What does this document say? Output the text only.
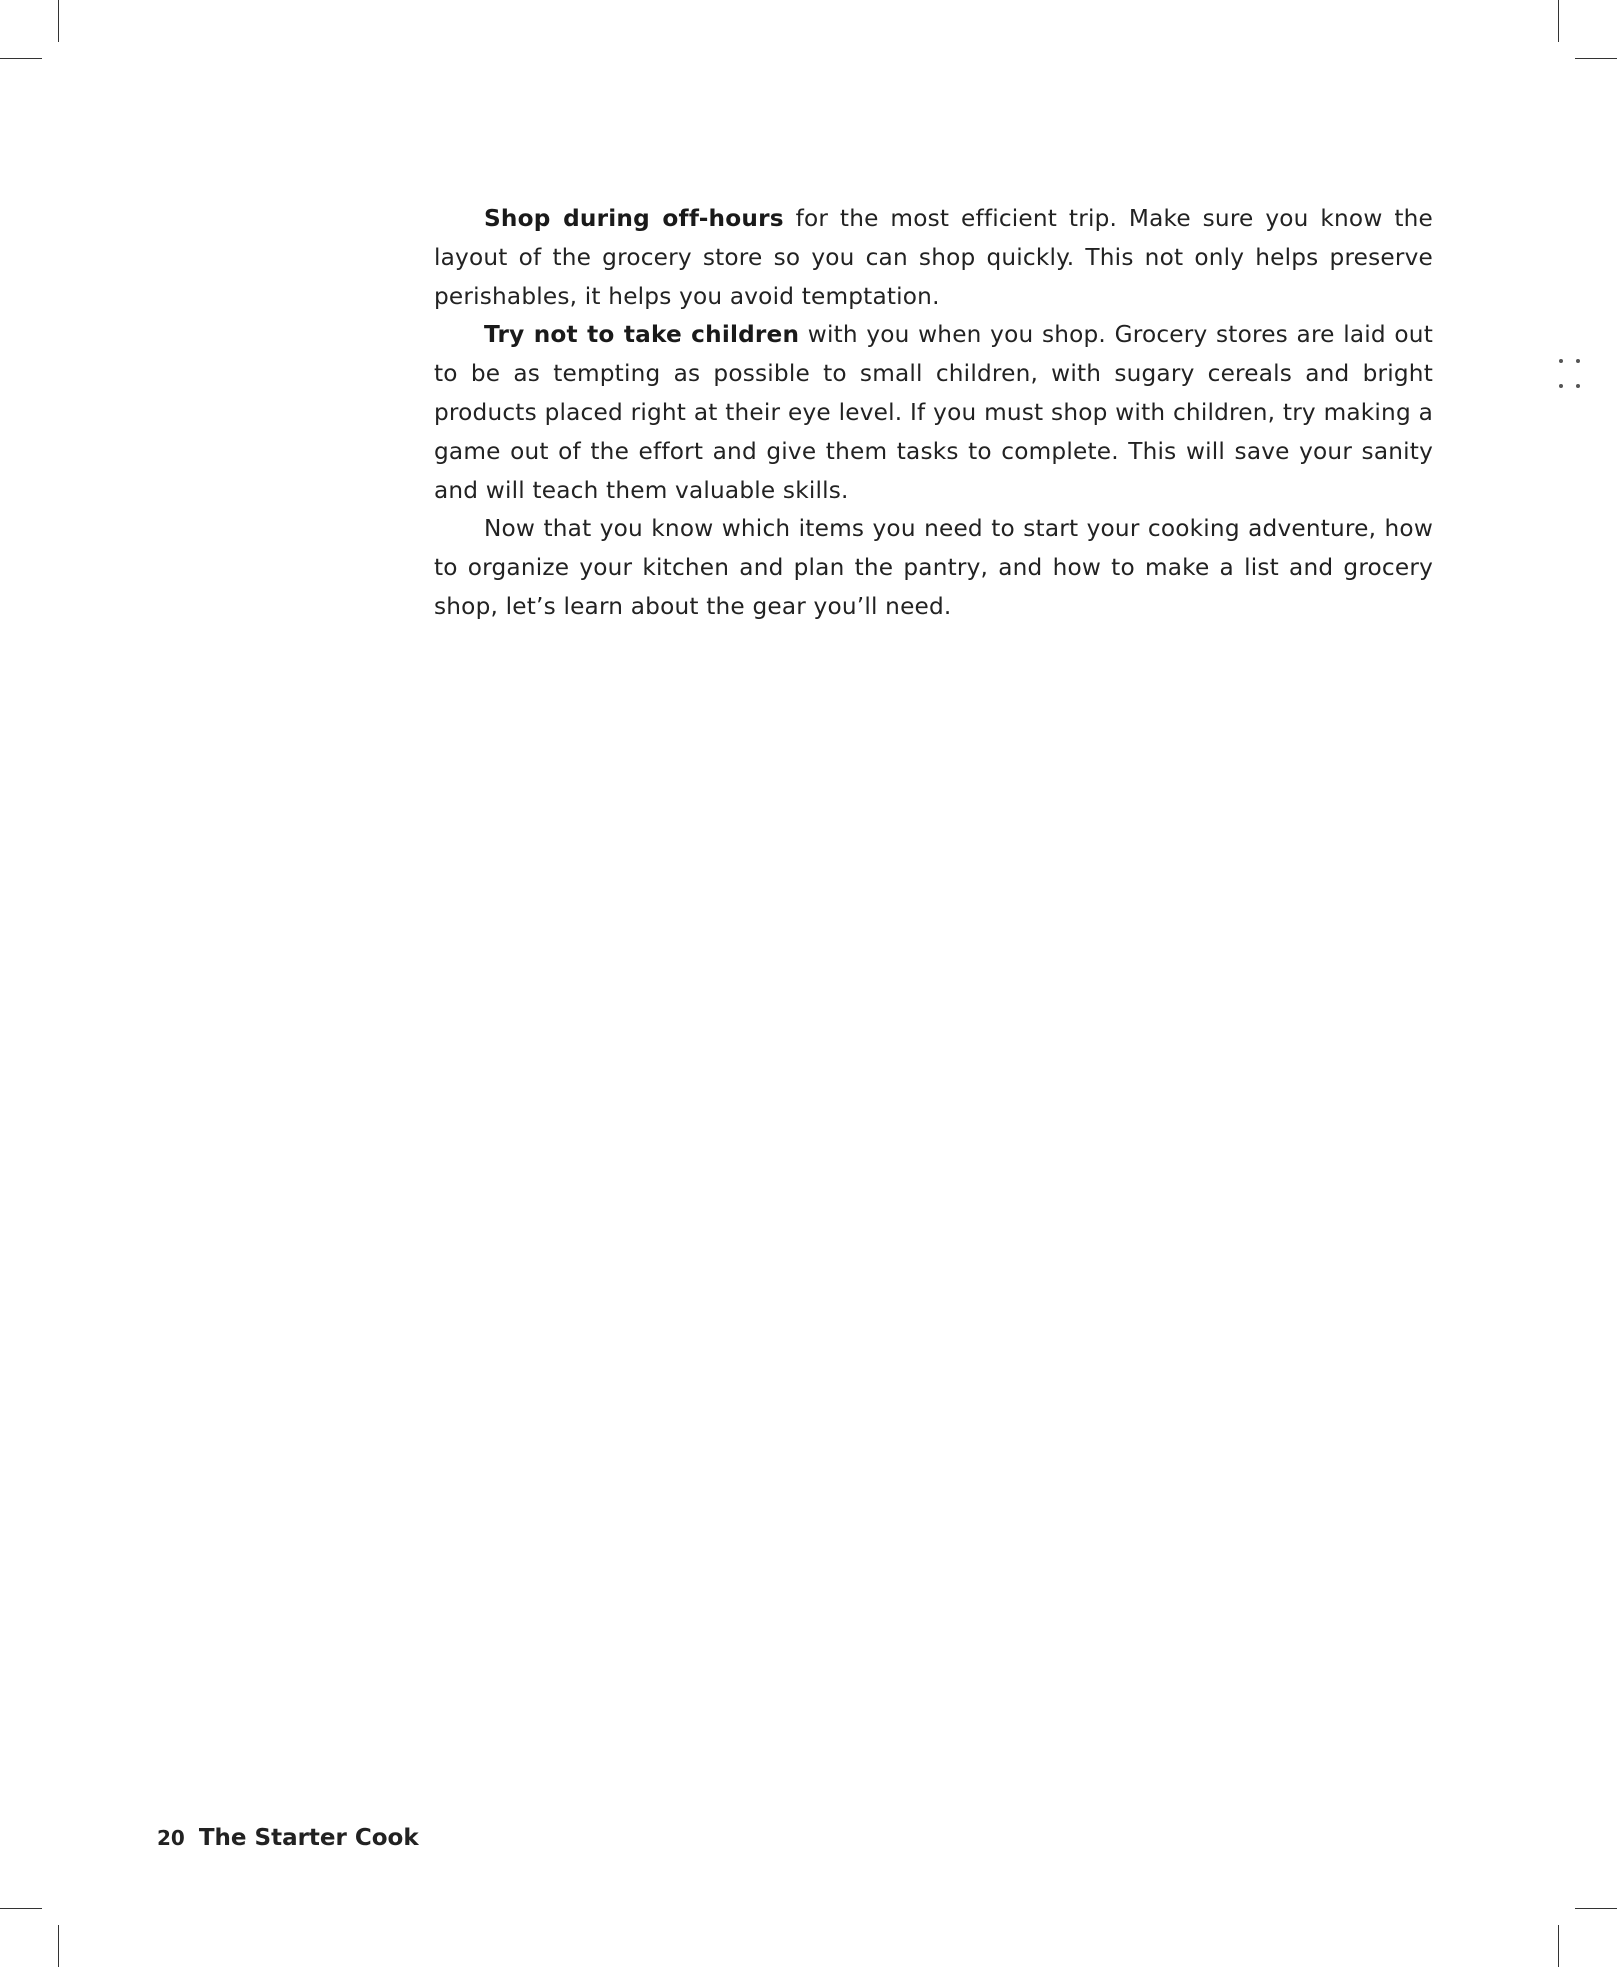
Shop during off-hours for the most efficient trip. Make sure you know the layout of the grocery store so you can shop quickly. This not only helps preserve perishables, it helps you avoid temptation.

Try not to take children with you when you shop. Grocery stores are laid out to be as tempting as possible to small children, with sugary cereals and bright products placed right at their eye level. If you must shop with children, try making a game out of the effort and give them tasks to complete. This will save your sanity and will teach them valuable skills.

Now that you know which items you need to start your cooking adventure, how to organize your kitchen and plan the pantry, and how to make a list and grocery shop, let’s learn about the gear you’ll need.

20 The Starter Cook
